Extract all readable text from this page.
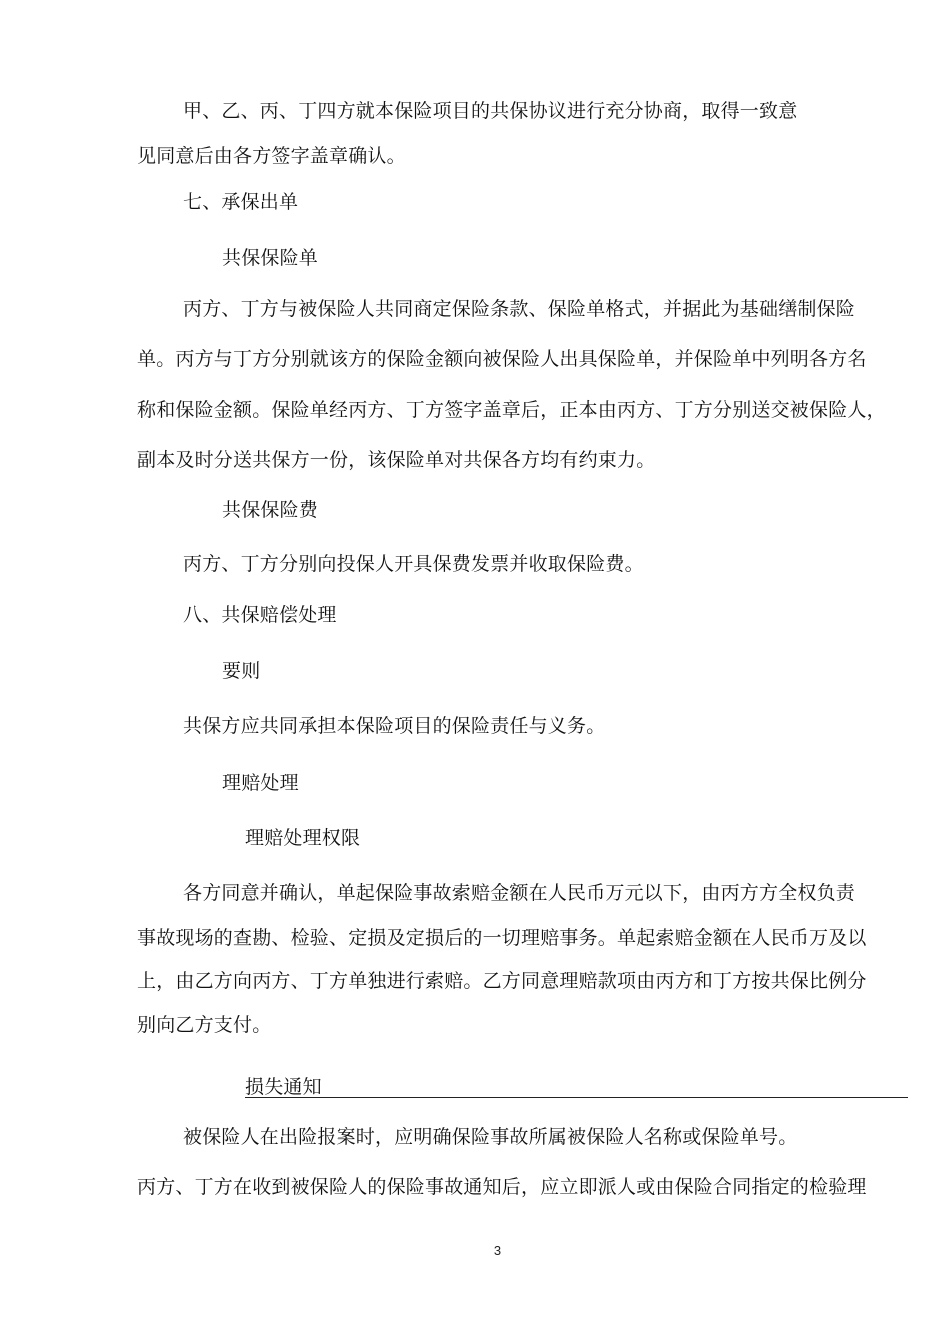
甲、乙、丙、丁四方就本保险项目的共保协议进行充分协商，取得一致意
见同意后由各方签字盖章确认。
七、承保出单
共保保险单
丙方、丁方与被保险人共同商定保险条款、保险单格式，并据此为基础缮制保险
单。丙方与丁方分别就该方的保险金额向被保险人出具保险单，并保险单中列明各方名
称和保险金额。保险单经丙方、丁方签字盖章后，正本由丙方、丁方分别送交被保险人，
副本及时分送共保方一份，该保险单对共保各方均有约束力。
共保保险费
丙方、丁方分别向投保人开具保费发票并收取保险费。
八、共保赔偿处理
要则
共保方应共同承担本保险项目的保险责任与义务。
理赔处理
理赔处理权限
各方同意并确认，单起保险事故索赔金额在人民币万元以下，由丙方方全权负责
事故现场的查勘、检验、定损及定损后的一切理赔事务。单起索赔金额在人民币万及以
上，由乙方向丙方、丁方单独进行索赔。乙方同意理赔款项由丙方和丁方按共保比例分
别向乙方支付。
损失通知
被保险人在出险报案时，应明确保险事故所属被保险人名称或保险单号。
丙方、丁方在收到被保险人的保险事故通知后，应立即派人或由保险合同指定的检验理
3
